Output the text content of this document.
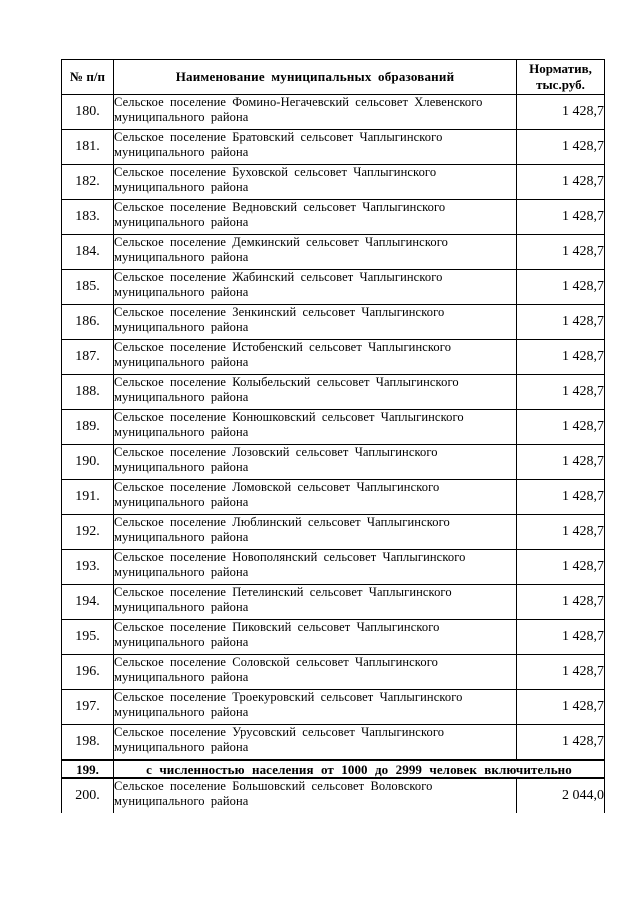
№ п/п	Наименование муниципальных образований	Норматив,
тыс.руб.

180.	Сельское поселение Фомино-Негачевский сельсовет Хлевенского муниципального района	1 428,7
181.	Сельское поселение Братовский сельсовет Чаплыгинского муниципального района	1 428,7
182.	Сельское поселение Буховской сельсовет Чаплыгинского муниципального района	1 428,7
183.	Сельское поселение Ведновский сельсовет Чаплыгинского муниципального района	1 428,7
184.	Сельское поселение Демкинский сельсовет Чаплыгинского муниципального района	1 428,7
185.	Сельское поселение Жабинский сельсовет Чаплыгинского муниципального района	1 428,7
186.	Сельское поселение Зенкинский сельсовет Чаплыгинского муниципального района	1 428,7
187.	Сельское поселение Истобенский сельсовет Чаплыгинского муниципального района	1 428,7
188.	Сельское поселение Колыбельский сельсовет Чаплыгинского муниципального района	1 428,7
189.	Сельское поселение Конюшковский сельсовет Чаплыгинского муниципального района	1 428,7
190.	Сельское поселение Лозовский сельсовет Чаплыгинского муниципального района	1 428,7
191.	Сельское поселение Ломовской сельсовет Чаплыгинского муниципального района	1 428,7
192.	Сельское поселение Люблинский сельсовет Чаплыгинского муниципального района	1 428,7
193.	Сельское поселение Новополянский сельсовет Чаплыгинского муниципального района	1 428,7
194.	Сельское поселение Петелинский сельсовет Чаплыгинского муниципального района	1 428,7
195.	Сельское поселение Пиковский сельсовет Чаплыгинского муниципального района	1 428,7
196.	Сельское поселение Соловской сельсовет Чаплыгинского муниципального района	1 428,7
197.	Сельское поселение Троекуровский сельсовет Чаплыгинского муниципального района	1 428,7
198.	Сельское поселение Урусовский сельсовет Чаплыгинского муниципального района	1 428,7
199.	с численностью населения от 1000 до 2999 человек включительно	
200.	Сельское поселение Большовский сельсовет Воловского муниципального района	2 044,0
